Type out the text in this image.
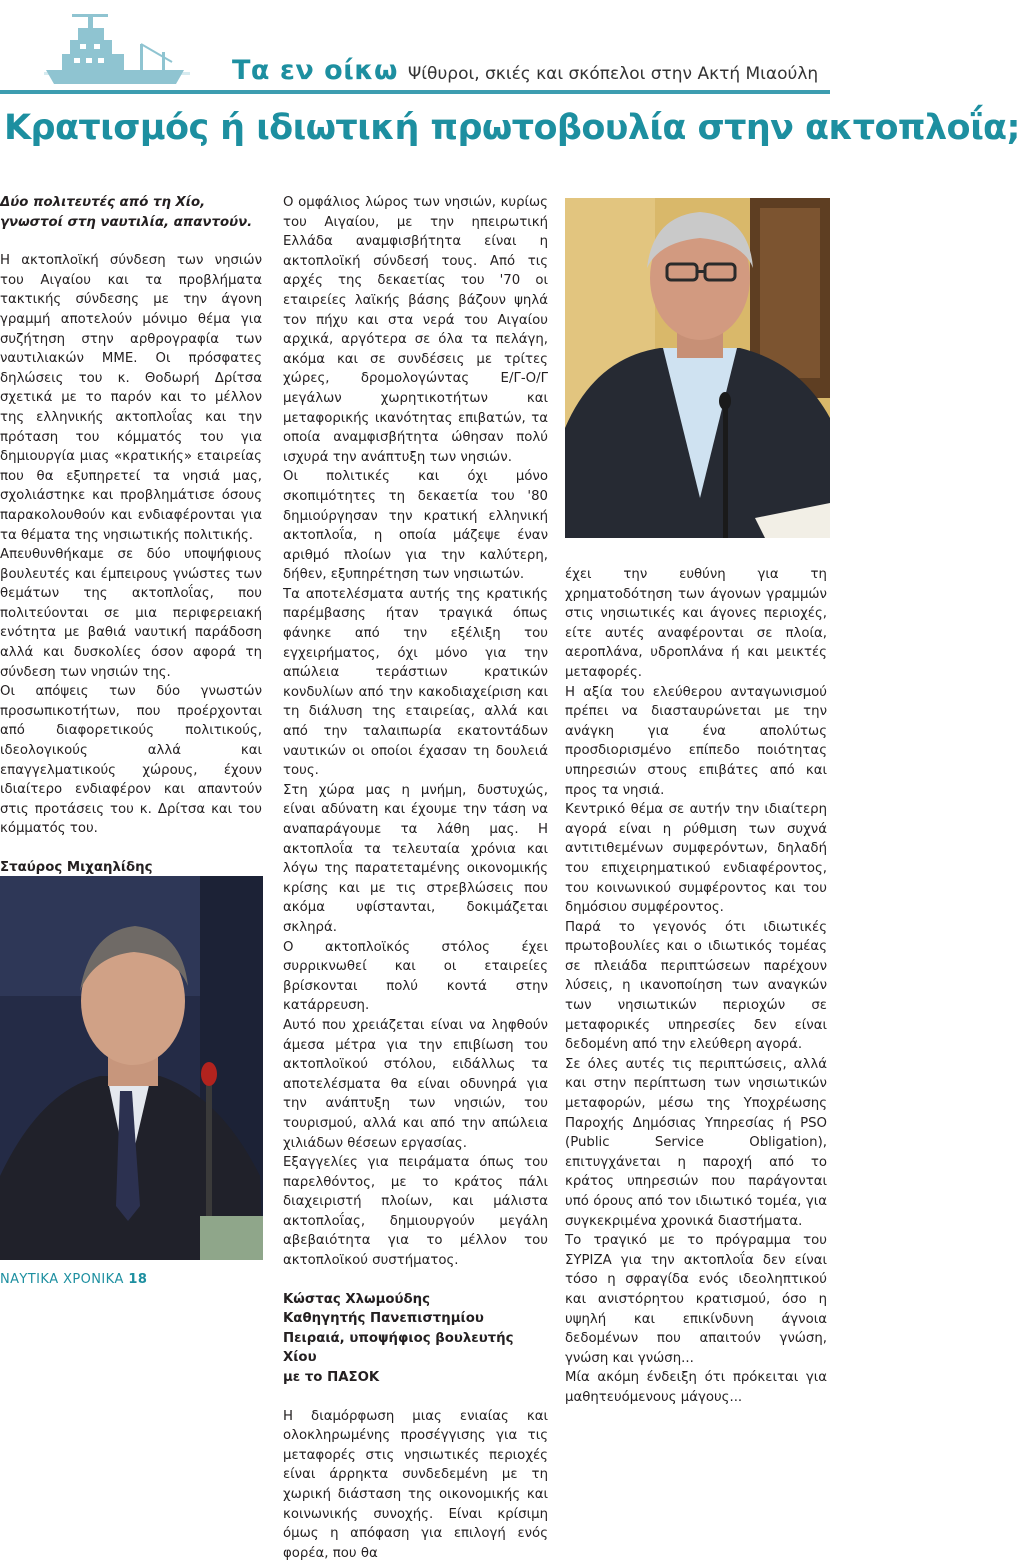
Τα εν οίκω Ψίθυροι, σκιές και σκόπελοι στην Ακτή Μιαούλη
Κρατισμός ή ιδιωτική πρωτοβουλία στην ακτοπλοΐα;

Δύο πολιτευτές από τη Χίο, γνωστοί στη ναυτιλία, απαντούν.

Η ακτοπλοϊκή σύνδεση των νησιών του Αιγαίου και τα προβλήματα τακτικής σύνδεσης με την άγονη γραμμή αποτελούν μόνιμο θέμα για συζήτηση στην αρθρογραφία των ναυτιλιακών ΜΜΕ. Οι πρόσφατες δηλώσεις του κ. Θοδωρή Δρίτσα σχετικά με το παρόν και το μέλλον της ελληνικής ακτοπλοΐας και την πρόταση του κόμματός του για δημιουργία μιας «κρατικής» εταιρείας που θα εξυπηρετεί τα νησιά μας, σχολιάστηκε και προβλημάτισε όσους παρακολουθούν και ενδιαφέρονται για τα θέματα της νησιωτικής πολιτικής.

Απευθυνθήκαμε σε δύο υποψήφιους βουλευτές και έμπειρους γνώστες των θεμάτων της ακτοπλοΐας, που πολιτεύονται σε μια περιφερειακή ενότητα με βαθιά ναυτική παράδοση αλλά και δυσκολίες όσον αφορά τη σύνδεση των νησιών της.

Οι απόψεις των δύο γνωστών προσωπικοτήτων, που προέρχονται από διαφορετικούς πολιτικούς, ιδεολογικούς αλλά και επαγγελματικούς χώρους, έχουν ιδιαίτερο ενδιαφέρον και απαντούν στις προτάσεις του κ. Δρίτσα και του κόμματός του.

Σταύρος Μιχαηλίδης

Ο ομφάλιος λώρος των νησιών, κυρίως του Αιγαίου, με την ηπειρωτική Ελλάδα αναμφισβήτητα είναι η ακτοπλοϊκή σύνδεσή τους. Από τις αρχές της δεκαετίας του '70 οι εταιρείες λαϊκής βάσης βάζουν ψηλά τον πήχυ και στα νερά του Αιγαίου αρχικά, αργότερα σε όλα τα πελάγη, ακόμα και σε συνδέσεις με τρίτες χώρες, δρομολογώντας Ε/Γ-Ο/Γ μεγάλων χωρητικοτήτων και μεταφορικής ικανότητας επιβατών, τα οποία αναμφισβήτητα ώθησαν πολύ ισχυρά την ανάπτυξη των νησιών.

Οι πολιτικές και όχι μόνο σκοπιμότητες τη δεκαετία του '80 δημιούργησαν την κρατική ελληνική ακτοπλοΐα, η οποία μάζεψε έναν αριθμό πλοίων για την καλύτερη, δήθεν, εξυπηρέτηση των νησιωτών.

Τα αποτελέσματα αυτής της κρατικής παρέμβασης ήταν τραγικά όπως φάνηκε από την εξέλιξη του εγχειρήματος, όχι μόνο για την απώλεια τεράστιων κρατικών κονδυλίων από την κακοδιαχείριση και τη διάλυση της εταιρείας, αλλά και από την ταλαιπωρία εκατοντάδων ναυτικών οι οποίοι έχασαν τη δουλειά τους.

Στη χώρα μας η μνήμη, δυστυχώς, είναι αδύνατη και έχουμε την τάση να αναπαράγουμε τα λάθη μας. Η ακτοπλοΐα τα τελευταία χρόνια και λόγω της παρατεταμένης οικονομικής κρίσης και με τις στρεβλώσεις που ακόμα υφίστανται, δοκιμάζεται σκληρά.

Ο ακτοπλοϊκός στόλος έχει συρρικνωθεί και οι εταιρείες βρίσκονται πολύ κοντά στην κατάρρευση.

Αυτό που χρειάζεται είναι να ληφθούν άμεσα μέτρα για την επιβίωση του ακτοπλοϊκού στόλου, ειδάλλως τα αποτελέσματα θα είναι οδυνηρά για την ανάπτυξη των νησιών, του τουρισμού, αλλά και από την απώλεια χιλιάδων θέσεων εργασίας.

Εξαγγελίες για πειράματα όπως του παρελθόντος, με το κράτος πάλι διαχειριστή πλοίων, και μάλιστα ακτοπλοΐας, δημιουργούν μεγάλη αβεβαιότητα για το μέλλον του ακτοπλοϊκού συστήματος.

Κώστας Χλωμούδης

Καθηγητής Πανεπιστημίου

Πειραιά, υποψήφιος βουλευτής Χίου

με το ΠΑΣΟΚ

Η διαμόρφωση μιας ενιαίας και ολοκληρωμένης προσέγγισης για τις μεταφορές στις νησιωτικές περιοχές είναι άρρηκτα συνδεδεμένη με τη χωρική διάσταση της οικονομικής και κοινωνικής συνοχής. Είναι κρίσιμη όμως η απόφαση για επιλογή ενός φορέα, που θα

έχει την ευθύνη για τη χρηματοδότηση των άγονων γραμμών στις νησιωτικές και άγονες περιοχές, είτε αυτές αναφέρονται σε πλοία, αεροπλάνα, υδροπλάνα ή και μεικτές μεταφορές.

Η αξία του ελεύθερου ανταγωνισμού πρέπει να διασταυρώνεται με την ανάγκη για ένα απολύτως προσδιορισμένο επίπεδο ποιότητας υπηρεσιών στους επιβάτες από και προς τα νησιά.

Κεντρικό θέμα σε αυτήν την ιδιαίτερη αγορά είναι η ρύθμιση των συχνά αντιτιθεμένων συμφερόντων, δηλαδή του επιχειρηματικού ενδιαφέροντος, του κοινωνικού συμφέροντος και του δημόσιου συμφέροντος.

Παρά το γεγονός ότι ιδιωτικές πρωτοβουλίες και ο ιδιωτικός τομέας σε πλειάδα περιπτώσεων παρέχουν λύσεις, η ικανοποίηση των αναγκών των νησιωτικών περιοχών σε μεταφορικές υπηρεσίες δεν είναι δεδομένη από την ελεύθερη αγορά.

Σε όλες αυτές τις περιπτώσεις, αλλά και στην περίπτωση των νησιωτικών μεταφορών, μέσω της Υποχρέωσης Παροχής Δημόσιας Υπηρεσίας ή PSO (Public Service Obligation), επιτυγχάνεται η παροχή από το κράτος υπηρεσιών που παράγονται υπό όρους από τον ιδιωτικό τομέα, για συγκεκριμένα χρονικά διαστήματα.

Το τραγικό με το πρόγραμμα του ΣΥΡΙΖΑ για την ακτοπλοΐα δεν είναι τόσο η σφραγίδα ενός ιδεοληπτικού και ανιστόρητου κρατισμού, όσο η υψηλή και επικίνδυνη άγνοια δεδομένων που απαιτούν γνώση, γνώση και γνώση...

Μία ακόμη ένδειξη ότι πρόκειται για μαθητευόμενους μάγους...

ΝΑΥΤΙΚΑ ΧΡΟΝΙΚΑ 18
